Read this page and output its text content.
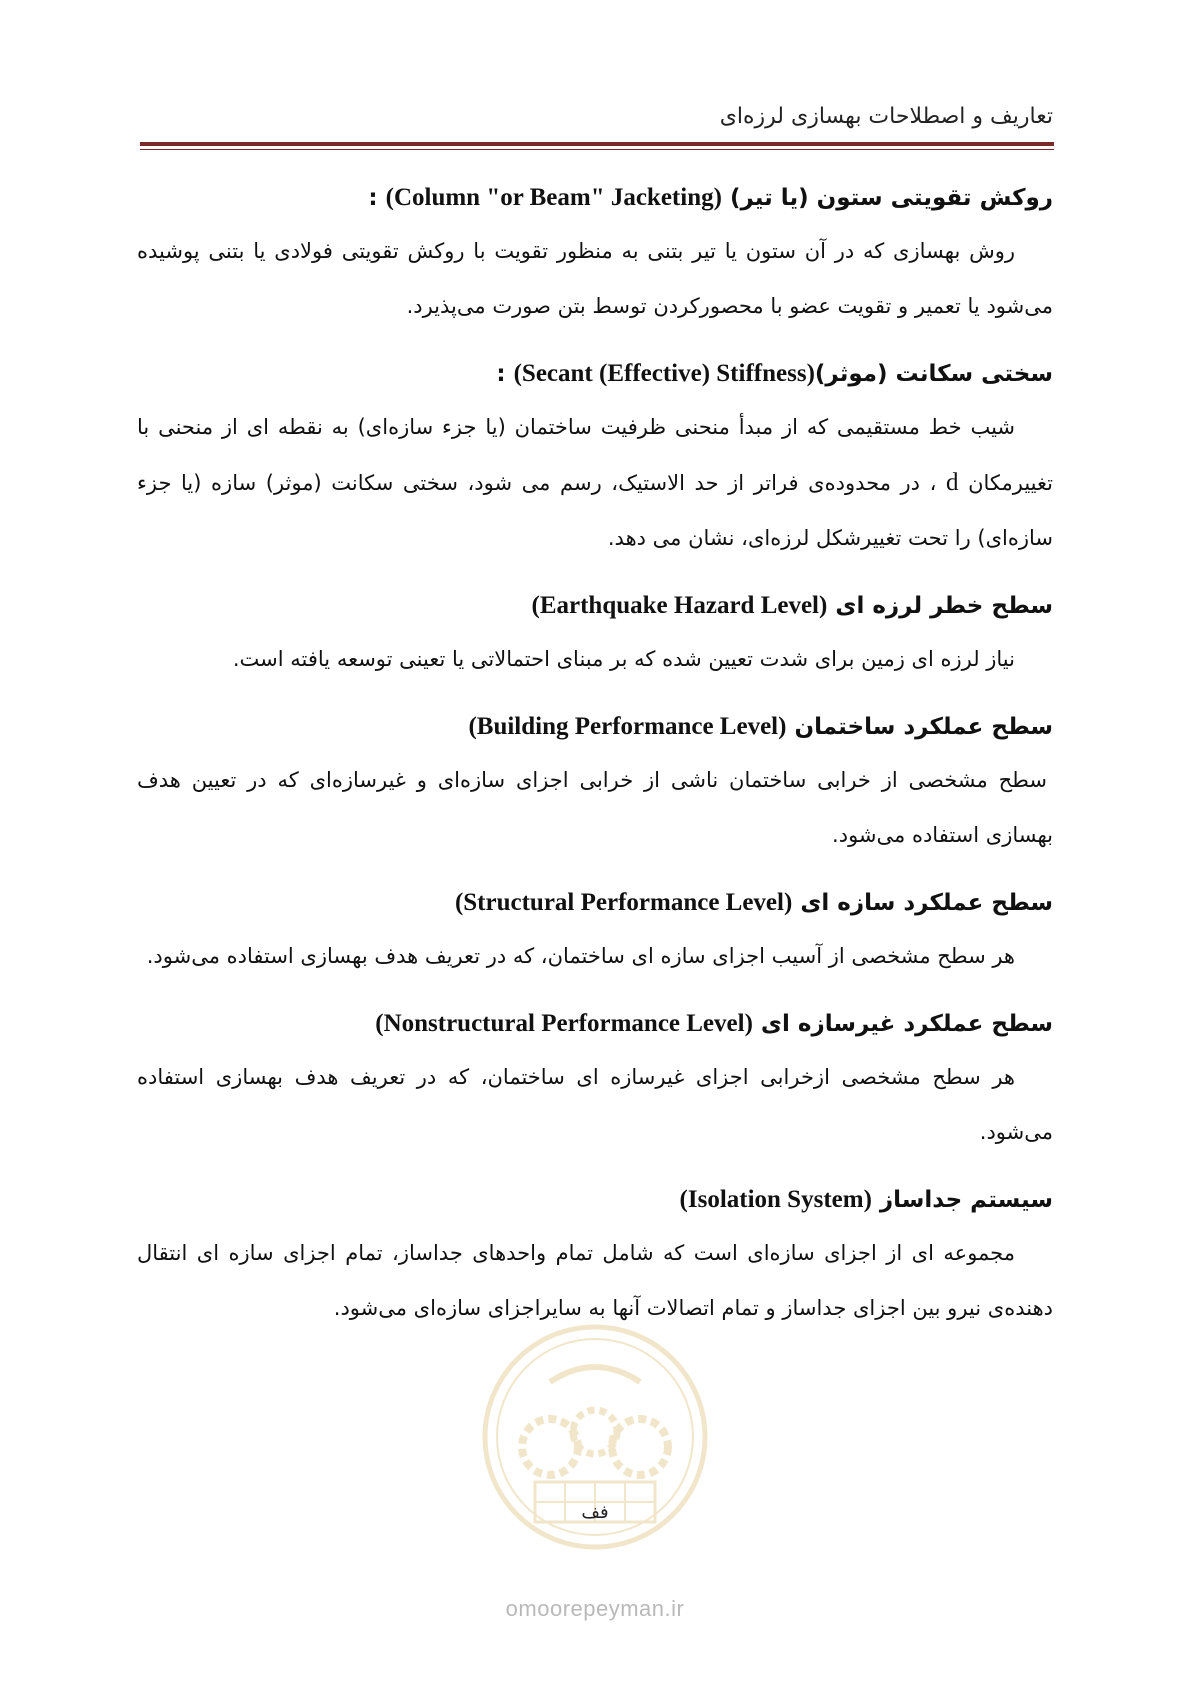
تعاریف و اصطلاحات بهسازی لرزه‌ای

روکش تقویتی ستون (یا تیر) (Column "or Beam" Jacketing) :

روش بهسازی که در آن ستون یا تیر بتنی به منظور تقویت با روکش تقویتی فولادی یا بتنی پوشیده می‌شود یا تعمیر و تقویت عضو با محصورکردن توسط بتن صورت می‌پذیرد.

سختی سکانت (موثر)(Secant (Effective) Stiffness) :

شیب خط مستقیمی که از مبدأ منحنی ظرفیت ساختمان (یا جزء سازه‌ای) به نقطه ای از منحنی با تغییرمکان d ، در محدوده‌ی فراتر از حد الاستیک، رسم می شود، سختی سکانت (موثر) سازه (یا جزء سازه‌ای) را تحت تغییرشکل لرزه‌ای، نشان می دهد.

سطح خطر لرزه ای (Earthquake Hazard Level)

نیاز لرزه ای زمین برای شدت تعیین شده که بر مبنای احتمالاتی یا تعینی توسعه یافته است.

سطح عملکرد ساختمان (Building Performance Level)

سطح مشخصی از خرابی ساختمان ناشی از خرابی اجزای سازه‌ای و غیرسازه‌ای که در تعیین هدف بهسازی استفاده می‌شود.

سطح عملکرد سازه ای (Structural Performance Level)

هر سطح مشخصی از آسیب اجزای سازه ای ساختمان، که در تعریف هدف بهسازی استفاده می‌شود.

سطح عملکرد غیرسازه ای (Nonstructural Performance Level)

هر سطح مشخصی ازخرابی اجزای غیرسازه ای ساختمان، که در تعریف هدف بهسازی استفاده می‌شود.

سیستم جداساز (Isolation System)

مجموعه ای از اجزای سازه‌ای است که شامل تمام واحدهای جداساز، تمام اجزای سازه ای انتقال دهنده‌ی نیرو بین اجزای جداساز و تمام اتصالات آنها به سایراجزای سازه‌ای می‌شود.

فف
omoorepeyman.ir
